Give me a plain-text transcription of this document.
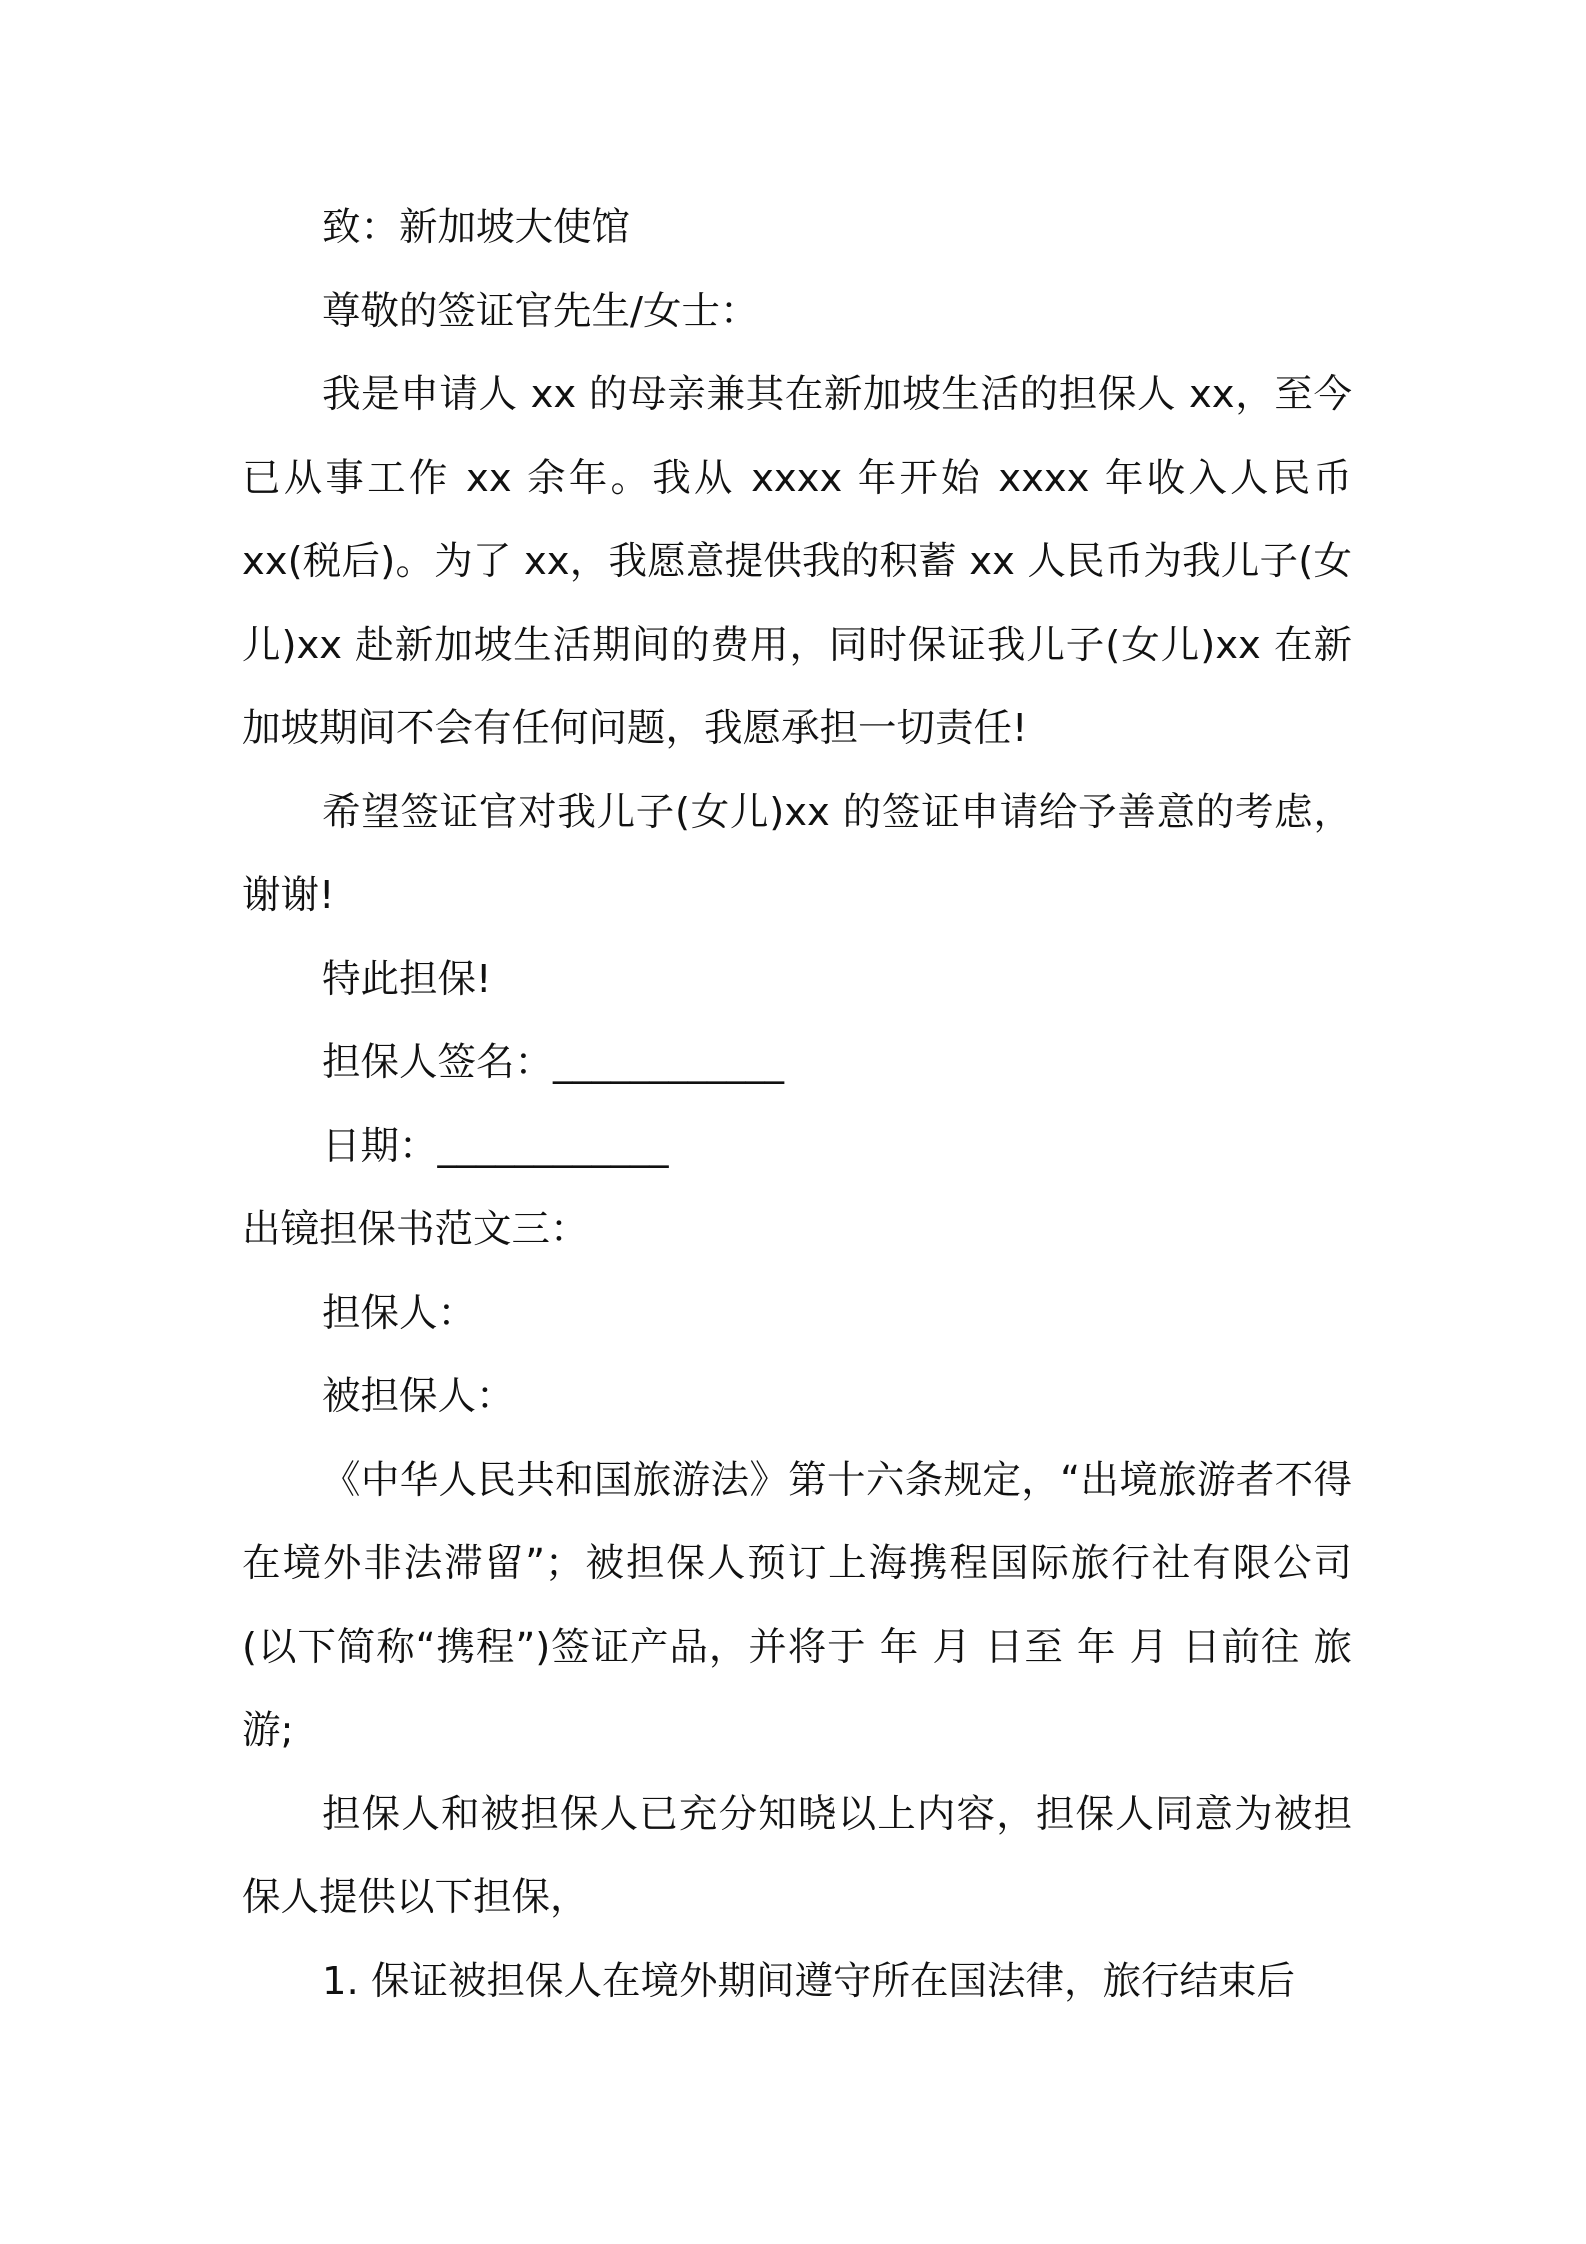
致：新加坡大使馆

尊敬的签证官先生/女士：

我是申请人 xx 的母亲兼其在新加坡生活的担保人 xx，至今已从事工作 xx 余年。我从 xxxx 年开始 xxxx 年收入人民币 xx(税后)。为了 xx，我愿意提供我的积蓄 xx 人民币为我儿子(女儿)xx 赴新加坡生活期间的费用，同时保证我儿子(女儿)xx 在新加坡期间不会有任何问题，我愿承担一切责任!

希望签证官对我儿子(女儿)xx 的签证申请给予善意的考虑，谢谢!

特此担保!

担保人签名：____________

日期：____________

出镜担保书范文三：

担保人：

被担保人：

《中华人民共和国旅游法》第十六条规定，“出境旅游者不得在境外非法滞留”；被担保人预订上海携程国际旅行社有限公司(以下简称“携程”)签证产品，并将于 年 月 日至 年 月 日前往 旅游;

担保人和被担保人已充分知晓以上内容，担保人同意为被担保人提供以下担保，

1. 保证被担保人在境外期间遵守所在国法律，旅行结束后
